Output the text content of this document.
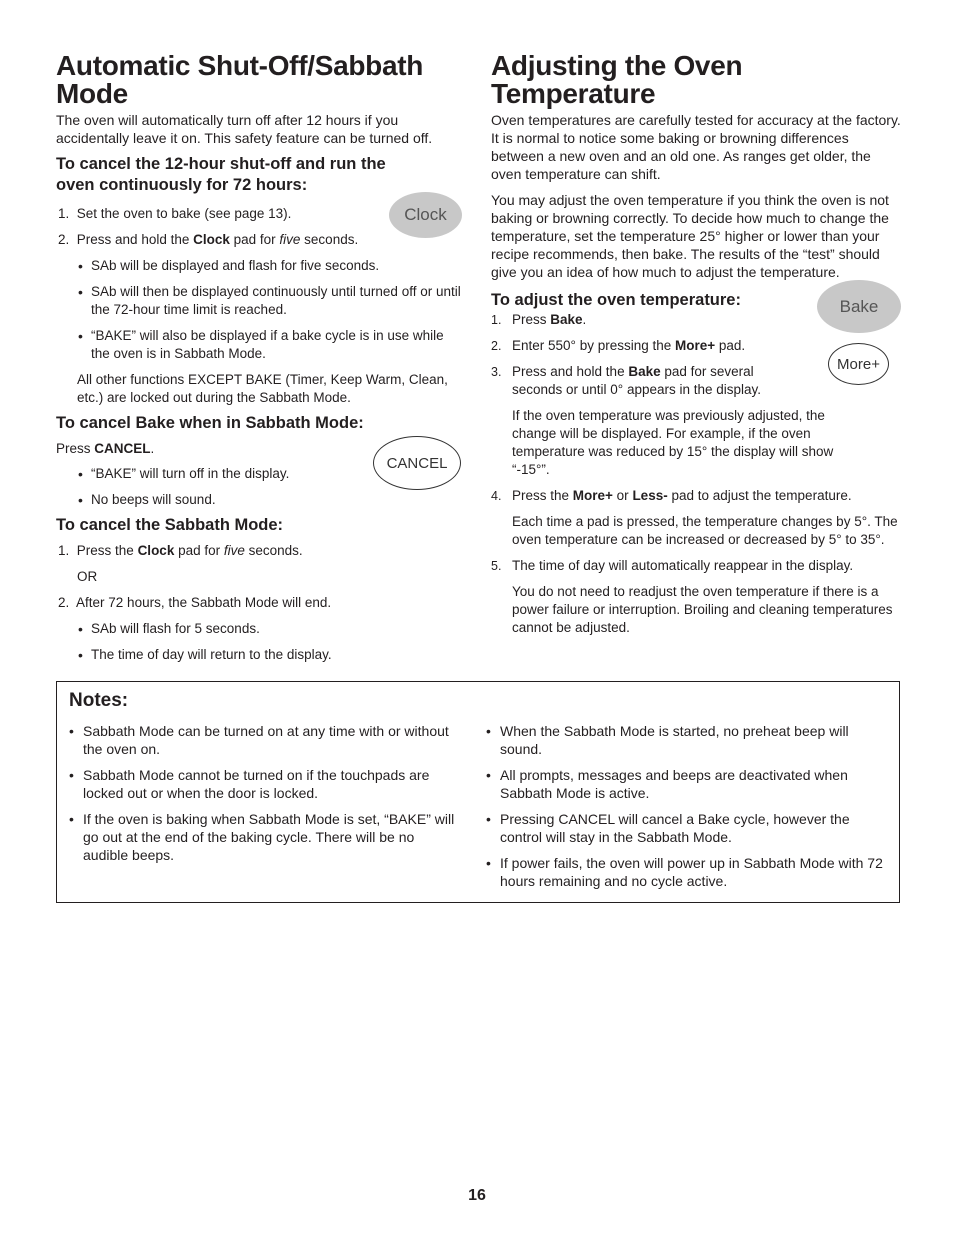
Automatic Shut-Off/Sabbath
Mode

The oven will automatically turn off after 12 hours if you accidentally leave it on. This safety feature can be turned off.

To cancel the 12-hour shut-off and run the
oven continuously for 72 hours:
1. Set the oven to bake (see page 13).
2. Press and hold the Clock pad for five seconds.
• SAb will be displayed and flash for five seconds.
• SAb will then be displayed continuously until turned off or until the 72-hour time limit is reached.
• “BAKE” will also be displayed if a bake cycle is in use while the oven is in Sabbath Mode.

All other functions EXCEPT BAKE (Timer, Keep Warm, Clean, etc.) are locked out during the Sabbath Mode.

To cancel Bake when in Sabbath Mode:
Press CANCEL.
• “BAKE” will turn off in the display.
• No beeps will sound.
To cancel the Sabbath Mode:
1. Press the Clock pad for five seconds.
OR
2. After 72 hours, the Sabbath Mode will end.
• SAb will flash for 5 seconds.
• The time of day will return to the display.
Clock
CANCEL
Adjusting the Oven Temperature

Oven temperatures are carefully tested for accuracy at the factory. It is normal to notice some baking or browning differences between a new oven and an old one. As ranges get older, the oven temperature can shift.

You may adjust the oven temperature if you think the oven is not baking or browning correctly. To decide how much to change the temperature, set the temperature 25° higher or lower than your recipe recommends, then bake. The results of the “test” should give you an idea of how much to adjust the temperature.

To adjust the oven temperature:
1. Press Bake.
2. Enter 550° by pressing the More+ pad.
3. Press and hold the Bake pad for several seconds or until 0° appears in the display.

If the oven temperature was previously adjusted, the change will be displayed. For example, if the oven temperature was reduced by 15° the display will show “-15°”.

4. Press the More+ or Less- pad to adjust the temperature.

Each time a pad is pressed, the temperature changes by 5°. The oven temperature can be increased or decreased by 5° to 35°.

5. The time of day will automatically reappear in the display.

You do not need to readjust the oven temperature if there is a power failure or interruption. Broiling and cleaning temperatures cannot be adjusted.

Bake
More+
Notes:
• Sabbath Mode can be turned on at any time with or without the oven on.
• Sabbath Mode cannot be turned on if the touchpads are locked out or when the door is locked.
• If the oven is baking when Sabbath Mode is set, “BAKE” will go out at the end of the baking cycle. There will be no audible beeps.
• When the Sabbath Mode is started, no preheat beep will sound.
• All prompts, messages and beeps are deactivated when Sabbath Mode is active.
• Pressing CANCEL will cancel a Bake cycle, however the control will stay in the Sabbath Mode.
• If power fails, the oven will power up in Sabbath Mode with 72 hours remaining and no cycle active.
16
